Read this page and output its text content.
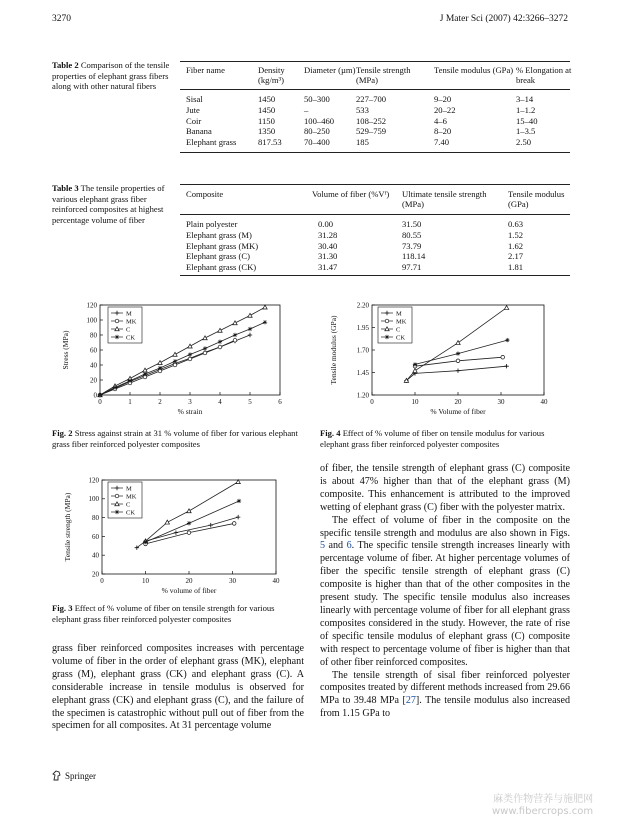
3270	J Mater Sci (2007) 42:3266–3272
Table 2 Comparison of the tensile properties of elephant grass fibers along with other natural fibers
Fiber name	Density (kg/m³)	Diameter (µm)	Tensile strength (MPa)	Tensile modulus (GPa)	% Elongation at break
Sisal	1450	50–300	227–700	9–20	3–14
Jute	1450	–	533	20–22	1–1.2
Coir	1150	100–460	108–252	4–6	15–40
Banana	1350	80–250	529–759	8–20	1–3.5
Elephant grass	817.53	70–400	185	7.40	2.50
Table 3 The tensile properties of various elephant grass fiber reinforced composites at highest percentage volume of fiber
Composite	Volume of fiber (%Vᶠ)	Ultimate tensile strength (MPa)	Tensile modulus (GPa)
Plain polyester	0.00	31.50	0.63
Elephant grass (M)	31.28	80.55	1.52
Elephant grass (MK)	30.40	73.79	1.62
Elephant grass (C)	31.30	118.14	2.17
Elephant grass (CK)	31.47	97.71	1.81
0	1	2	3	4	5	6
0
20
40
60
80
100
120
% strain
Stress (MPa)
M
MK
C
CK
Fig. 2 Stress against strain at 31 % volume of fiber for various elephant grass fiber reinforced polyester composites
0	10	20	30	40
1.20
1.45
1.70
1.95
2.20
% Volume of fiber
Tensile modulus (GPa)
M
MK
C
CK
Fig. 4 Effect of % volume of fiber on tensile modulus for various elephant grass fiber reinforced polyester composites
0	10	20	30	40
20
40
60
80
100
120
% volume of fiber
Tensile strength (MPa)
M
MK
C
CK
Fig. 3 Effect of % volume of fiber on tensile strength for various elephant grass fiber reinforced polyester composites

grass fiber reinforced composites increases with percentage volume of fiber in the order of elephant grass (MK), elephant grass (M), elephant grass (CK) and elephant grass (C). A considerable increase in tensile modulus is observed for elephant grass (CK) and elephant grass (C), and the failure of the specimen is catastrophic without pull out of fiber from the specimen for all composites. At 31 percentage volume

of fiber, the tensile strength of elephant grass (C) composite is about 47% higher than that of the elephant grass (M) composite. This enhancement is attributed to the improved wetting of elephant grass (C) fiber with the polyester matrix.

The effect of volume of fiber in the composite on the specific tensile strength and modulus are also shown in Figs. 5 and 6. The specific tensile strength increases linearly with percentage volume of fiber. At higher percentage volumes of fiber the specific tensile strength of elephant grass (C) composite is higher than that of the other composites in the present study. The specific tensile modulus also increases linearly with percentage volume of fiber for all elephant grass composites considered in the study. However, the rate of rise of specific tensile modulus of elephant grass (C) composite with respect to percentage volume of fiber is higher than that of other fiber reinforced composites.

The tensile strength of sisal fiber reinforced polyester composites treated by different methods increased from 29.66 MPa to 39.48 MPa [27]. The tensile modulus also increased from 1.15 GPa to

Springer
麻类作物营养与施肥网
www.fibercrops.com
